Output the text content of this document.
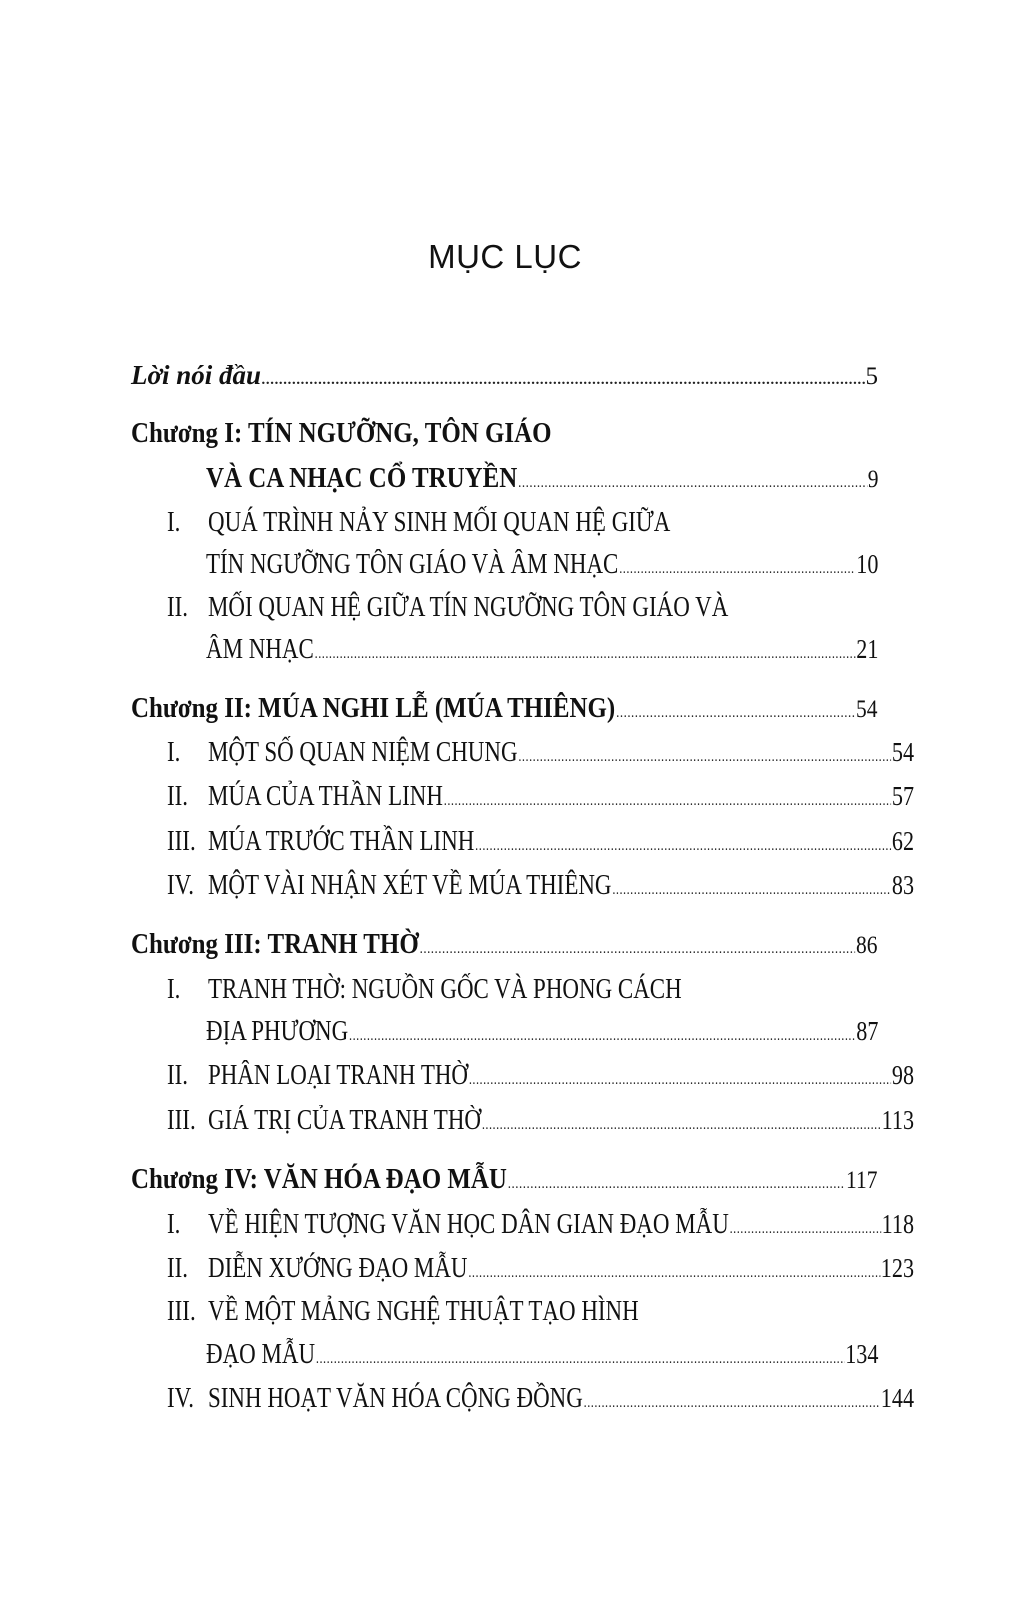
MỤC LỤC
Lời nói đầu .....	5
Chương I: TÍN NGƯỠNG, TÔN GIÁO
VÀ CA NHẠC CỔ TRUYỀN .....	9
I. QUÁ TRÌNH NẢY SINH MỐI QUAN HỆ GIỮA
TÍN NGƯỠNG TÔN GIÁO VÀ ÂM NHẠC .....	10
II. MỐI QUAN HỆ GIỮA TÍN NGƯỠNG TÔN GIÁO VÀ
ÂM NHẠC .....	21
Chương II: MÚA NGHI LỄ (MÚA THIÊNG) .....	54
I. MỘT SỐ QUAN NIỆM CHUNG .....	54
II. MÚA CỦA THẦN LINH .....	57
III. MÚA TRƯỚC THẦN LINH .....	62
IV. MỘT VÀI NHẬN XÉT VỀ MÚA THIÊNG .....	83
Chương III: TRANH THỜ .....	86
I. TRANH THỜ: NGUỒN GỐC VÀ PHONG CÁCH
ĐỊA PHƯƠNG .....	87
II. PHÂN LOẠI TRANH THỜ .....	98
III. GIÁ TRỊ CỦA TRANH THỜ .....	113
Chương IV: VĂN HÓA ĐẠO MẪU .....	117
I. VỀ HIỆN TƯỢNG VĂN HỌC DÂN GIAN ĐẠO MẪU .....	118
II. DIỄN XƯỚNG ĐẠO MẪU .....	123
III. VỀ MỘT MẢNG NGHỆ THUẬT TẠO HÌNH
ĐẠO MẪU .....	134
IV. SINH HOẠT VĂN HÓA CỘNG ĐỒNG .....	144
